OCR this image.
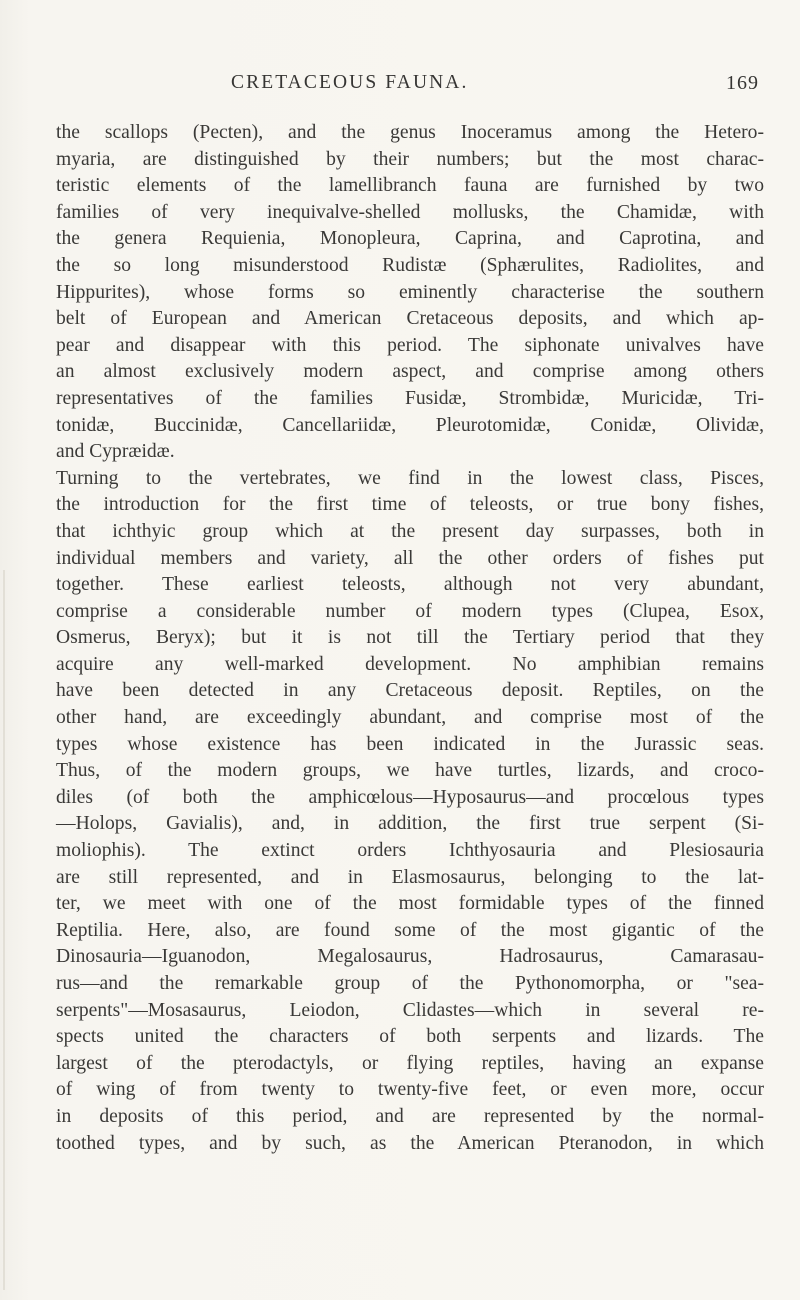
CRETACEOUS FAUNA.	169
the scallops (Pecten), and the genus Inoceramus among the Hetero-
myaria, are distinguished by their numbers; but the most charac-
teristic elements of the lamellibranch fauna are furnished by two
families of very inequivalve-shelled mollusks, the Chamidæ, with
the genera Requienia, Monopleura, Caprina, and Caprotina, and
the so long misunderstood Rudistæ (Sphærulites, Radiolites, and
Hippurites), whose forms so eminently characterise the southern
belt of European and American Cretaceous deposits, and which ap-
pear and disappear with this period. The siphonate univalves have
an almost exclusively modern aspect, and comprise among others
representatives of the families Fusidæ, Strombidæ, Muricidæ, Tri-
tonidæ, Buccinidæ, Cancellariidæ, Pleurotomidæ, Conidæ, Olividæ,
and Cypræidæ.
Turning to the vertebrates, we find in the lowest class, Pisces,
the introduction for the first time of teleosts, or true bony fishes,
that ichthyic group which at the present day surpasses, both in
individual members and variety, all the other orders of fishes put
together. These earliest teleosts, although not very abundant,
comprise a considerable number of modern types (Clupea, Esox,
Osmerus, Beryx); but it is not till the Tertiary period that they
acquire any well-marked development. No amphibian remains
have been detected in any Cretaceous deposit. Reptiles, on the
other hand, are exceedingly abundant, and comprise most of the
types whose existence has been indicated in the Jurassic seas.
Thus, of the modern groups, we have turtles, lizards, and croco-
diles (of both the amphicœlous—Hyposaurus—and procœlous types
—Holops, Gavialis), and, in addition, the first true serpent (Si-
moliophis). The extinct orders Ichthyosauria and Plesiosauria
are still represented, and in Elasmosaurus, belonging to the lat-
ter, we meet with one of the most formidable types of the finned
Reptilia. Here, also, are found some of the most gigantic of the
Dinosauria—Iguanodon, Megalosaurus, Hadrosaurus, Camarasau-
rus—and the remarkable group of the Pythonomorpha, or "sea-
serpents"—Mosasaurus, Leiodon, Clidastes—which in several re-
spects united the characters of both serpents and lizards. The
largest of the pterodactyls, or flying reptiles, having an expanse
of wing of from twenty to twenty-five feet, or even more, occur
in deposits of this period, and are represented by the normal-
toothed types, and by such, as the American Pteranodon, in which
